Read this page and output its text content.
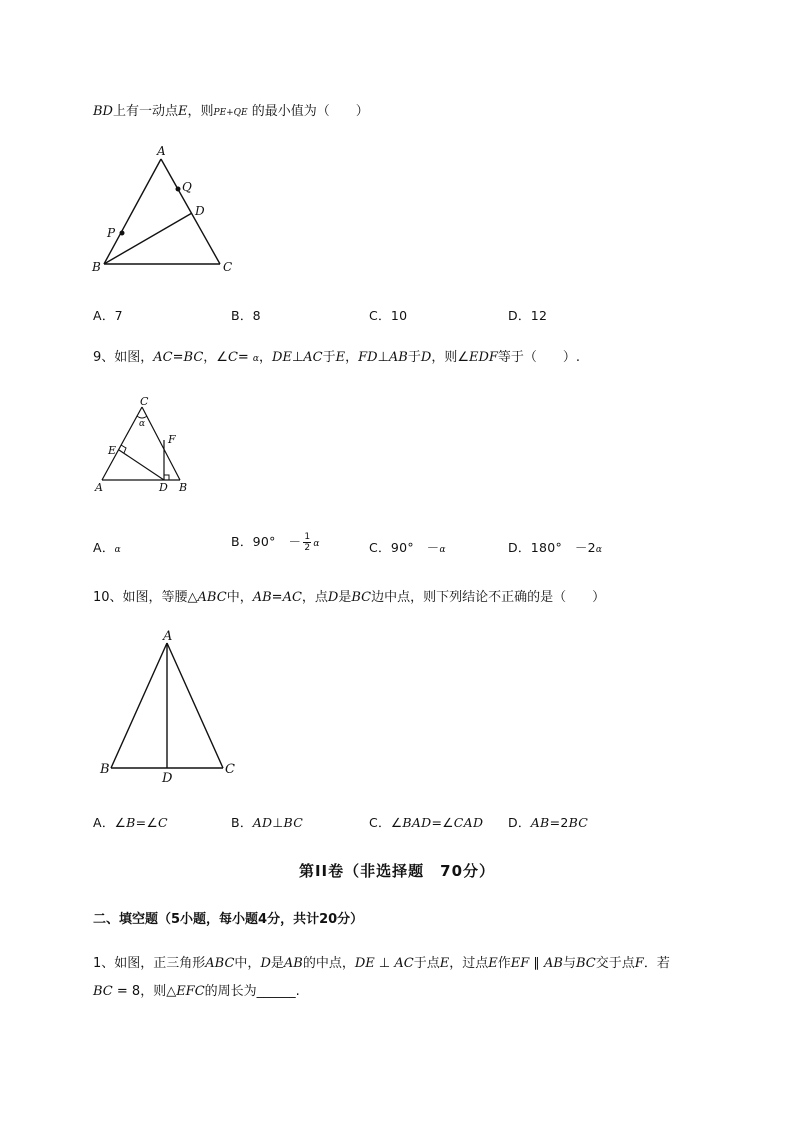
BD上有一动点E，则PE+QE 的最小值为（　　）
A
Q
D
P
B	C
A．7	B．8	C．10	D．12
9、如图，AC=BC，∠C= α，DE⊥AC于E，FD⊥AB于D，则∠EDF等于（　　）.
C
α
F
E
A	D B
A．α
B．90°　－ $\frac{1}{2}$ α	C．90°　－α	D．180°　－2α
10、如图，等腰△ABC中，AB=AC，点D是BC边中点，则下列结论不正确的是（　　）
A
B
D
C
A．∠B=∠C	B．AD⊥BC	C．∠BAD=∠CAD D．AB=2BC
第II卷（非选择题　70分）
二、填空题（5小题，每小题4分，共计20分）
1、如图，正三角形ABC中，D是AB的中点，DE ⊥ AC于点E，过点E作EF ∥ AB与BC交于点F．若
BC = 8，则△EFC的周长为______.
